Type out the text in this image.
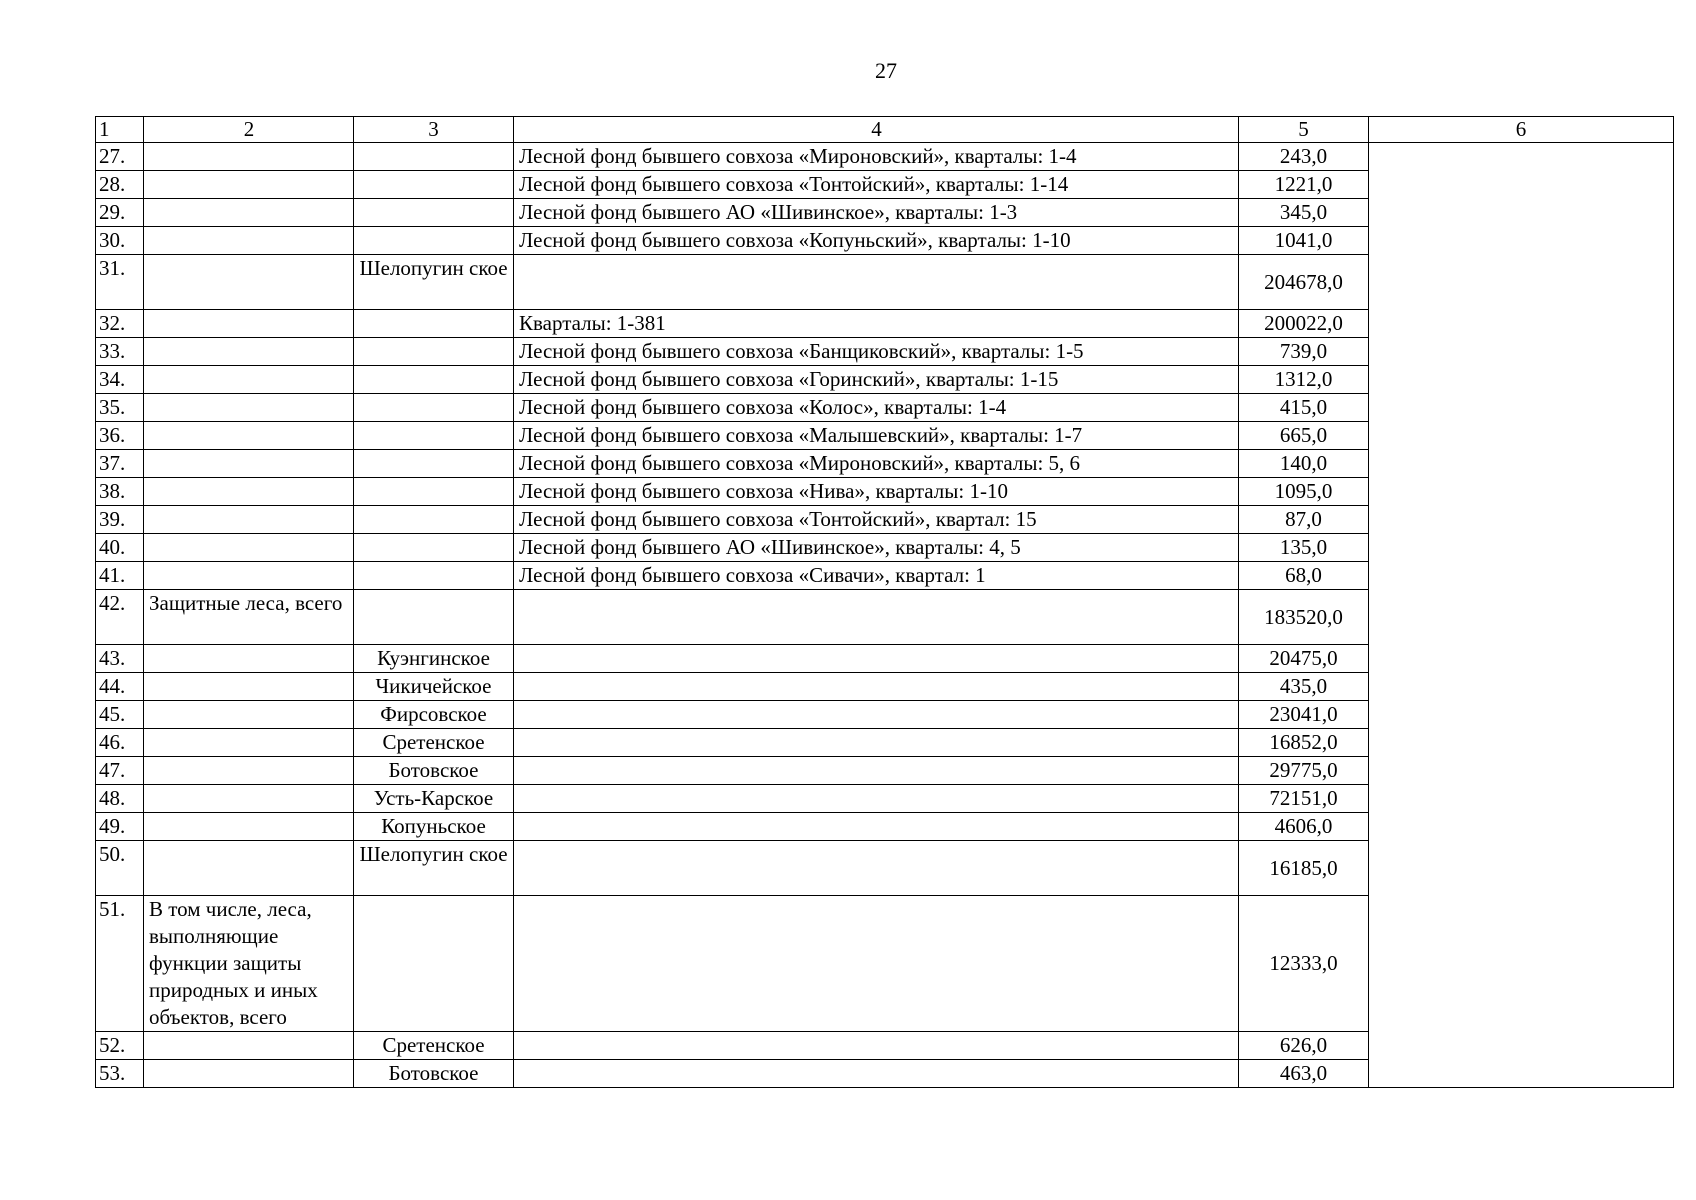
27
1	2	3	4	5	6
27.			Лесной фонд бывшего совхоза «Мироновский», кварталы: 1-4	243,0	
28.			Лесной фонд бывшего совхоза «Тонтойский», кварталы: 1-14	1221,0	
29.			Лесной фонд бывшего АО «Шивинское», кварталы: 1-3	345,0	
30.			Лесной фонд бывшего совхоза «Копуньский», кварталы: 1-10	1041,0	
31.		Шелопугин ское		204678,0	
32.			Кварталы: 1-381	200022,0	
33.			Лесной фонд бывшего совхоза «Банщиковский», кварталы: 1-5	739,0	
34.			Лесной фонд бывшего совхоза «Горинский», кварталы: 1-15	1312,0	
35.			Лесной фонд бывшего совхоза «Колос», кварталы: 1-4	415,0	
36.			Лесной фонд бывшего совхоза «Малышевский», кварталы: 1-7	665,0	
37.			Лесной фонд бывшего совхоза «Мироновский», кварталы: 5, 6	140,0	
38.			Лесной фонд бывшего совхоза «Нива», кварталы: 1-10	1095,0	
39.			Лесной фонд бывшего совхоза «Тонтойский», квартал: 15	87,0	
40.			Лесной фонд бывшего АО «Шивинское», кварталы: 4, 5	135,0	
41.			Лесной фонд бывшего совхоза «Сивачи», квартал: 1	68,0	
42.	Защитные леса, всего			183520,0	
43.		Куэнгинское		20475,0	
44.		Чикичейское		435,0	
45.		Фирсовское		23041,0	
46.		Сретенское		16852,0	
47.		Ботовское		29775,0	
48.		Усть-Карское		72151,0	
49.		Копуньское		4606,0	
50.		Шелопугин ское		16185,0	
51.	В том числе, леса, выполняющие функции защиты природных и иных объектов, всего			12333,0	
52.		Сретенское		626,0	
53.		Ботовское		463,0	
